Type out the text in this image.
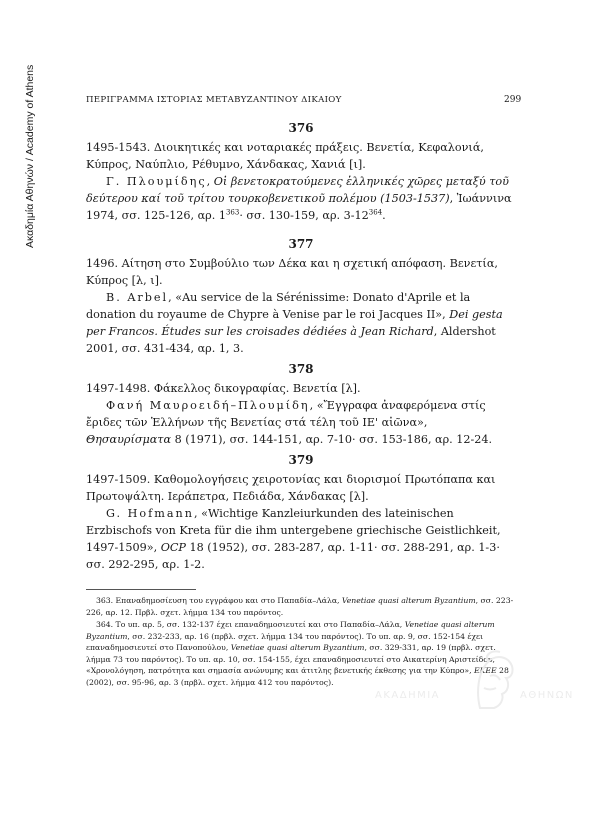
Ακαδημία Αθηνών / Academy of Athens	ΠΕΡΙΓΡΑΜΜΑ ΙΣΤΟΡΙΑΣ ΜΕΤΑΒΥΖΑΝΤΙΝΟΥ ΔΙΚΑΙΟΥ	299
376
1495-1543. Διοικητικές και νοταριακές πράξεις. Βενετία, Κεφαλονιά, Κύπρος, Ναύπλιο, Ρέθυμνο, Χάνδακας, Χανιά [ι].
Γ. Πλουμίδης, Οἱ βενετοκρατούμενες ἑλληνικές χῶρες μεταξύ τοῦ δεύτερου καί τοῦ τρίτου τουρκοβενετικοῦ πολέμου (1503-1537), Ἰωάννινα 1974, σσ. 125-126, αρ. $1^{363}\cdot \sigma\sigma$. 130-159, αρ. $3-12^{364}$.
377
1496. Αίτηση στο Συμβούλιο των Δέκα και η σχετική απόφαση. Βενετία, Κύπρος [λ, ι].
B. Arbel, «Au service de la Sérénissime: Donato d'Aprile et la donation du royaume de Chypre à Venise par le roi Jacques II», Dei gesta per Francos. Études sur les croisades dédiées à Jean Richard, Aldershot 2001, σσ. 431-434, αρ. 1, 3.
378
1497-1498. Φάκελλος δικογραφίας. Βενετία [λ].
Φανή Μαυροειδή–Πλουμίδη, «Ἔγγραφα ἀναφερόμενα στίς ἔριδες τῶν Ἑλλήνων τῆς Βενετίας στά τέλη τοῦ ΙΕ' αἰῶνα», Θησαυρίσματα 8 (1971), σσ. 144-151, αρ. 7-10· σσ. 153-186, αρ. 12-24.
379
1497-1509. Καθομολογήσεις χειροτονίας και διορισμοί Πρωτόπαπα και Πρωτοψάλτη. Ιεράπετρα, Πεδιάδα, Χάνδακας [λ].
G. Hofmann, «Wichtige Kanzleiurkunden des lateinischen Erzbischofs von Kreta für die ihm untergebene griechische Geistlichkeit, 1497-1509», OCP 18 (1952), σσ. 283-287, αρ. 1-11· σσ. 288-291, αρ. 1-3· σσ. 292-295, αρ. 1-2.
363. Επαναδημοσίευση του εγγράφου και στο Παπαδία–Λάλα, Venetiae quasi alterum Byzantium, σσ. 223-226, αρ. 12. Πρβλ. σχετ. λήμμα 134 του παρόντος.
364. Το υπ. αρ. 5, σσ. 132-137 έχει επαναδημοσιευτεί και στο Παπαδία–Λάλα, Venetiae quasi alterum Byzantium, σσ. 232-233, αρ. 16 (πρβλ. σχετ. λήμμα 134 του παρόντος). Το υπ. αρ. 9, σσ. 152-154 έχει επαναδημοσιευτεί στο Πανοπούλου, Venetiae quasi alterum Byzantium, σσ. 329-331, αρ. 19 (πρβλ. σχετ. λήμμα 73 του παρόντος). Το υπ. αρ. 10, σσ. 154-155, έχει επαναδημοσιευτεί στο Αικατερίνη Αριστείδου, «Χρονολόγηση, πατρότητα και σημασία ανώνυμης και άτιτλης βενετικής έκθεσης για την Κύπρο», ΕΚΕΕ 28 (2002), σσ. 95-96, αρ. 3 (πρβλ. σχετ. λήμμα 412 του παρόντος).
ΑΚΑΔΗΜΙΑ	ΑΘΗΝΩΝ
